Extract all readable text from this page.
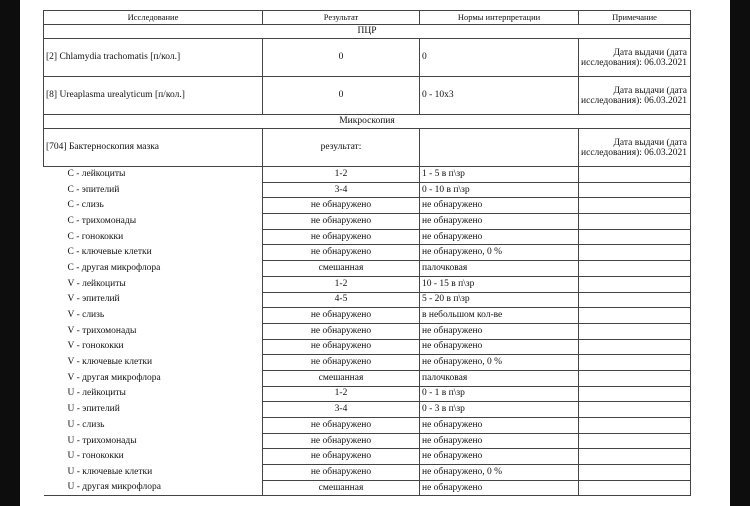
Исследование	Результат	Нормы интерпретации	Примечание
ПЦР			
[2] Chlamydia trachomatis [п/кол.]	0	0	Дата выдачи (дата исследования): 06.03.2021
[8] Ureaplasma urealyticum [п/кол.]	0	0 - 10x3	Дата выдачи (дата исследования): 06.03.2021
Микроскопия			
[704] Бактерноскопия мазка	результат:		Дата выдачи (дата исследования): 06.03.2021
C - лейкоциты	1-2	1 - 5 в п\зр	
C - эпителий	3-4	0 - 10 в п\зр	
C - слизь	не обнаружено	не обнаружено	
C - трихомонады	не обнаружено	не обнаружено	
C - гонококки	не обнаружено	не обнаружено	
C - ключевые клетки	не обнаружено	не обнаружено, 0 %	
C - другая микрофлора	смешанная	палочковая	
V - лейкоциты	1-2	10 - 15 в п\зр	
V - эпителий	4-5	5 - 20 в п\зр	
V - слизь	не обнаружено	в небольшом кол-ве	
V - трихомонады	не обнаружено	не обнаружено	
V - гонококки	не обнаружено	не обнаружено	
V - ключевые клетки	не обнаружено	не обнаружено, 0 %	
V - другая микрофлора	смешанная	палочковая	
U - лейкоциты	1-2	0 - 1 в п\зр	
U - эпителий	3-4	0 - 3 в п\зр	
U - слизь	не обнаружено	не обнаружено	
U - трихомонады	не обнаружено	не обнаружено	
U - гонококки	не обнаружено	не обнаружено	
U - ключевые клетки	не обнаружено	не обнаружено, 0 %	
U - другая микрофлора	смешанная	не обнаружено	
